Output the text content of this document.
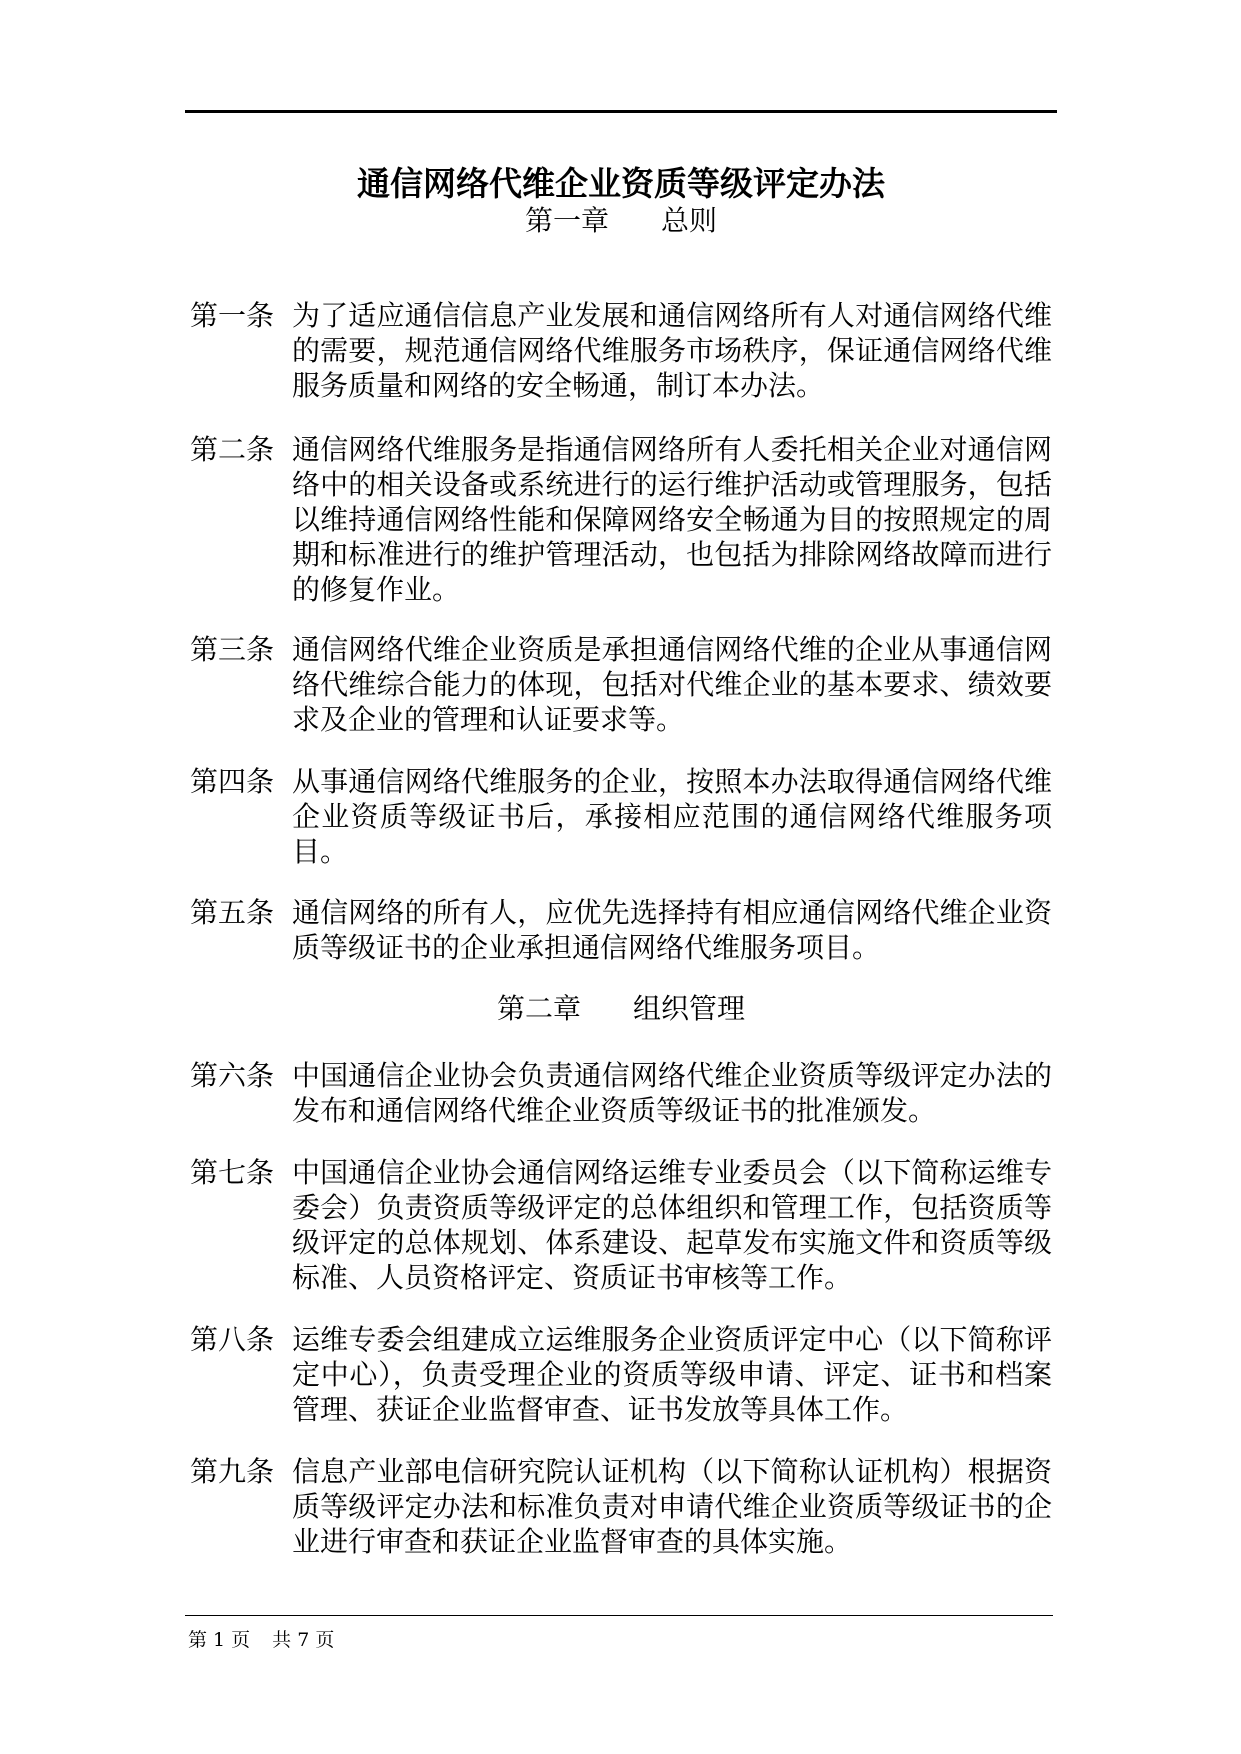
通信网络代维企业资质等级评定办法
第一章 总则
第一条 为了适应通信信息产业发展和通信网络所有人对通信网络代维的需要，规范通信网络代维服务市场秩序，保证通信网络代维服务质量和网络的安全畅通，制订本办法。
第二条 通信网络代维服务是指通信网络所有人委托相关企业对通信网络中的相关设备或系统进行的运行维护活动或管理服务，包括以维持通信网络性能和保障网络安全畅通为目的按照规定的周期和标准进行的维护管理活动，也包括为排除网络故障而进行的修复作业。
第三条 通信网络代维企业资质是承担通信网络代维的企业从事通信网络代维综合能力的体现，包括对代维企业的基本要求、绩效要求及企业的管理和认证要求等。
第四条 从事通信网络代维服务的企业，按照本办法取得通信网络代维企业资质等级证书后，承接相应范围的通信网络代维服务项目。
第五条 通信网络的所有人，应优先选择持有相应通信网络代维企业资质等级证书的企业承担通信网络代维服务项目。
第二章 组织管理
第六条 中国通信企业协会负责通信网络代维企业资质等级评定办法的发布和通信网络代维企业资质等级证书的批准颁发。
第七条 中国通信企业协会通信网络运维专业委员会（以下简称运维专委会）负责资质等级评定的总体组织和管理工作，包括资质等级评定的总体规划、体系建设、起草发布实施文件和资质等级标准、人员资格评定、资质证书审核等工作。
第八条 运维专委会组建成立运维服务企业资质评定中心（以下简称评定中心），负责受理企业的资质等级申请、评定、证书和档案管理、获证企业监督审查、证书发放等具体工作。
第九条 信息产业部电信研究院认证机构（以下简称认证机构）根据资质等级评定办法和标准负责对申请代维企业资质等级证书的企业进行审查和获证企业监督审查的具体实施。
第 1 页 共 7 页
